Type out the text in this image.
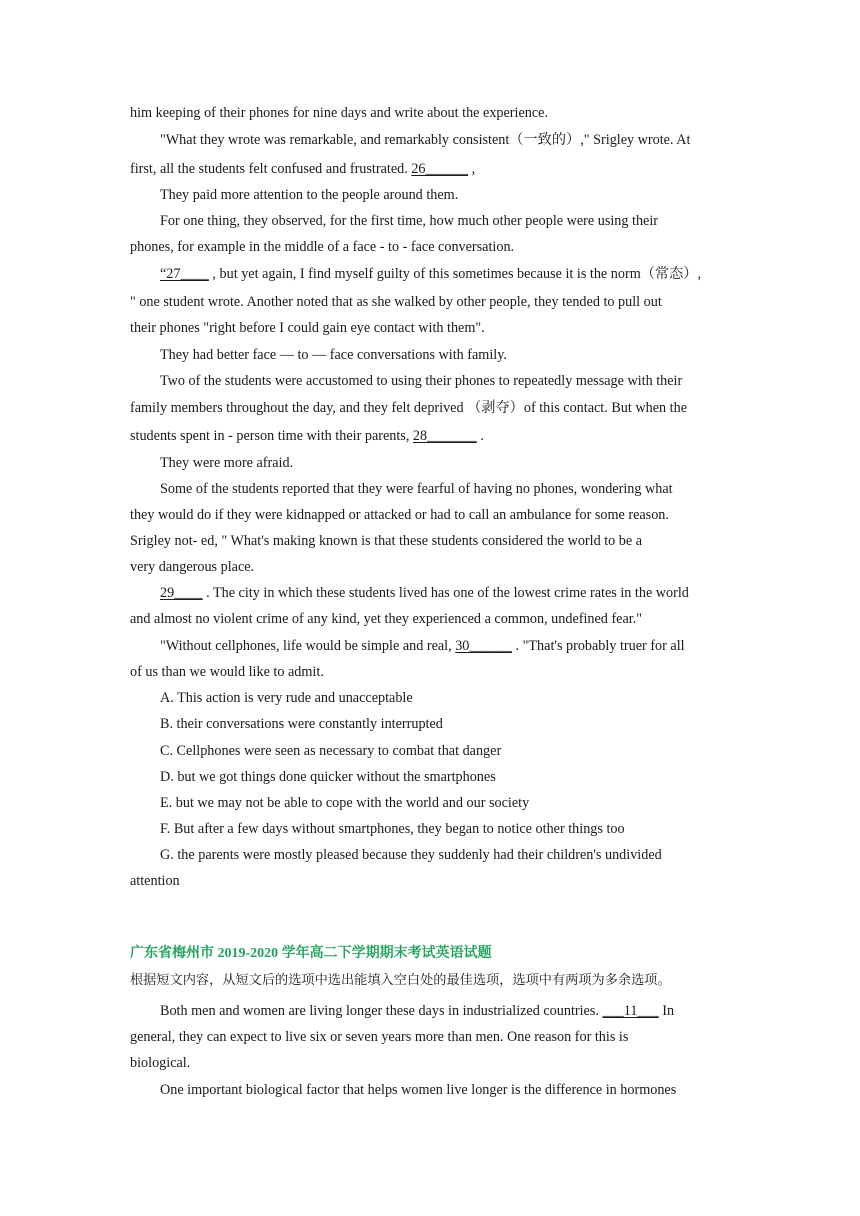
him keeping of their phones for nine days and write about the experience.
"What they wrote was remarkable, and remarkably consistent（一致的）," Srigley wrote. At
first, all the students felt confused and frustrated. 26______ ,
They paid more attention to the people around them.
For one thing, they observed, for the first time, how much other people were using their
phones, for example in the middle of a face - to - face conversation.
“27____ , but yet again, I find myself guilty of this sometimes because it is the norm（常态）,
" one student wrote. Another noted that as she walked by other people, they tended to pull out
their phones "right before I could gain eye contact with them".
They had better face — to — face conversations with family.
Two of the students were accustomed to using their phones to repeatedly message with their
family members throughout the day, and they felt deprived （剥夺）of this contact. But when the
students spent in - person time with their parents, 28_______ .
They were more afraid.
Some of the students reported that they were fearful of having no phones, wondering what
they would do if they were kidnapped or attacked or had to call an ambulance for some reason.
Srigley not- ed, " What's making known is that these students considered the world to be a
very dangerous place.
29____ . The city in which these students lived has one of the lowest crime rates in the world
and almost no violent crime of any kind, yet they experienced a common, undefined fear."
"Without cellphones, life would be simple and real, 30______ . "That's probably truer for all
of us than we would like to admit.
A. This action is very rude and unacceptable
B. their conversations were constantly interrupted
C. Cellphones were seen as necessary to combat that danger
D. but we got things done quicker without the smartphones
E. but we may not be able to cope with the world and our society
F. But after a few days without smartphones, they began to notice other things too
G. the parents were mostly pleased because they suddenly had their children's undivided
attention
广东省梅州市 2019-2020 学年高二下学期期末考试英语试题
根据短文内容，从短文后的选项中选出能填入空白处的最佳选项，选项中有两项为多余选项。
Both men and women are living longer these days in industrialized countries. ___11___ In
general, they can expect to live six or seven years more than men. One reason for this is
biological.
One important biological factor that helps women live longer is the difference in hormones
